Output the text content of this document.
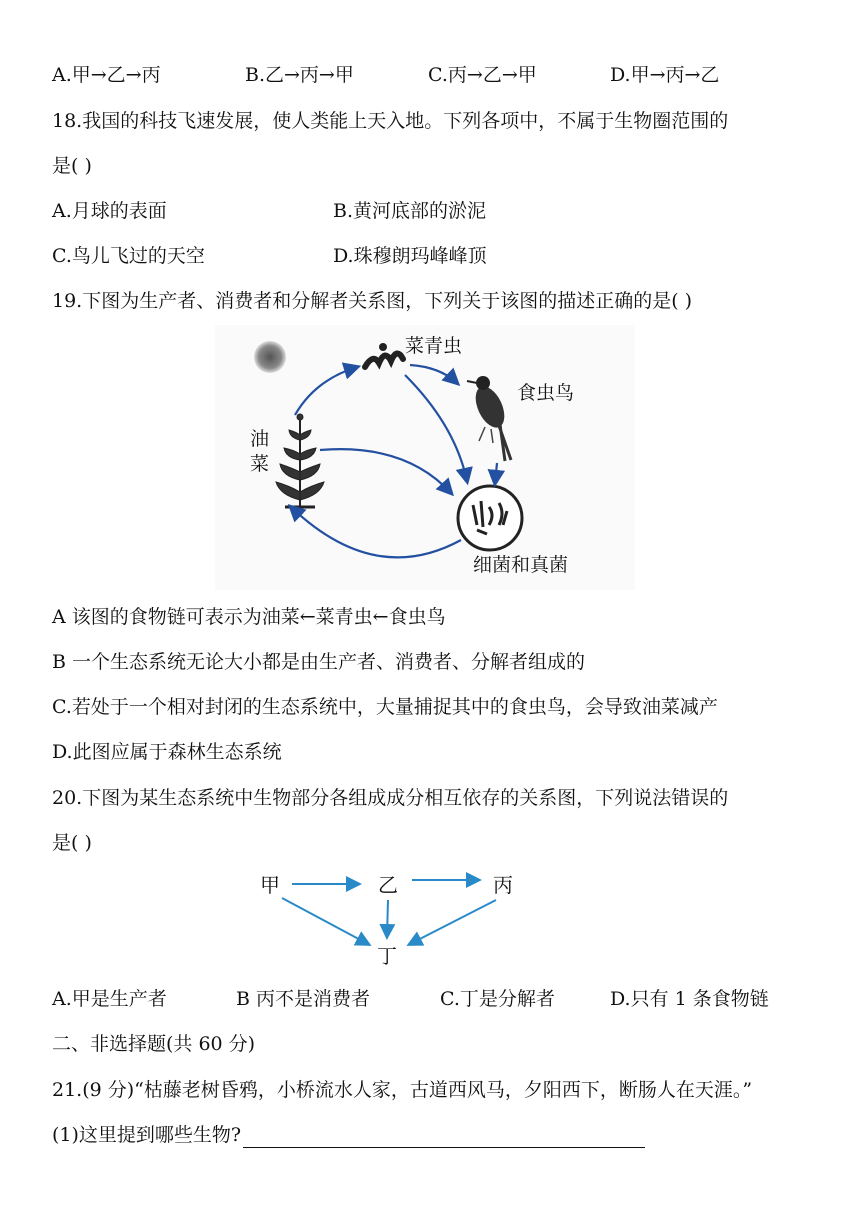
A.甲→乙→丙	B.乙→丙→甲	C.丙→乙→甲	D.甲→丙→乙
18.我国的科技飞速发展，使人类能上天入地。下列各项中，不属于生物圈范围的
是( )
A.月球的表面	B.黄河底部的淤泥
C.鸟儿飞过的天空	D.珠穆朗玛峰峰顶
19.下图为生产者、消费者和分解者关系图，下列关于该图的描述正确的是( )
菜青虫
食虫鸟
油
菜
细菌和真菌
A 该图的食物链可表示为油菜←菜青虫←食虫鸟
B 一个生态系统无论大小都是由生产者、消费者、分解者组成的
C.若处于一个相对封闭的生态系统中，大量捕捉其中的食虫鸟，会导致油菜减产
D.此图应属于森林生态系统
20.下图为某生态系统中生物部分各组成成分相互依存的关系图，下列说法错误的
是( )
甲	乙	丙
丁
A.甲是生产者	B 丙不是消费者	C.丁是分解者	D.只有 1 条食物链
二、非选择题(共 60 分)
21.(9 分)“枯藤老树昏鸦，小桥流水人家，古道西风马，夕阳西下，断肠人在天涯。”
(1)这里提到哪些生物?
